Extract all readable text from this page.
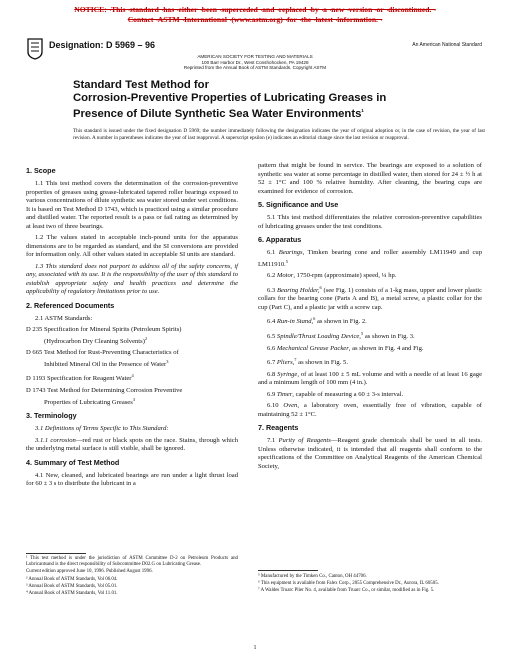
NOTICE:¬This¬standard¬has¬either¬been¬superceded¬and¬replaced¬by¬a¬new¬version¬or¬discontinued.¬
Contact¬ASTM¬International¬(www.astm.org)¬for¬the¬latest¬information.¬
Designation: D 5969 – 96	An American National Standard
AMERICAN SOCIETY FOR TESTING AND MATERIALS
100 Barr Harbor Dr., West Conshohocken, PA 19428
Reprinted from the Annual Book of ASTM Standards. Copyright ASTM
Standard Test Method for
Corrosion-Preventive Properties of Lubricating Greases in
Presence of Dilute Synthetic Sea Water Environments$^1$
This standard is issued under the fixed designation D 5969; the number immediately following the designation indicates the year of original adoption or, in the case of revision, the year of last revision. A number in parentheses indicates the year of last reapproval. A superscript epsilon (e) indicates an editorial change since the last revision or reapproval.
1. Scope

1.1 This test method covers the determination of the corrosion-preventive properties of greases using grease-lubricated tapered roller bearings exposed to various concentrations of dilute synthetic sea water stored under wet conditions. It is based on Test Method D 1743, which is practiced using a similar procedure and distilled water. The reported result is a pass or fail rating as determined by at least two of three bearings.

1.2 The values stated in acceptable inch-pound units for the apparatus dimensions are to be regarded as standard, and the SI conversions are provided for information only. All other values stated in acceptable SI units are standard.

1.3 This standard does not purport to address all of the safety concerns, if any, associated with its use. It is the responsibility of the user of this standard to establish appropriate safety and health practices and determine the applicability of regulatory limitations prior to use.

2. Referenced Documents

2.1 ASTM Standards:

D 235 Specification for Mineral Spirits (Petroleum Spirits)
(Hydrocarbon Dry Cleaning Solvents)$^2$

D 665 Test Method for Rust-Preventing Characteristics of
Inhibited Mineral Oil in the Presence of Water$^3$

D 1193 Specification for Reagent Water$^4$

D 1743 Test Method for Determining Corrosion Preventive
Properties of Lubricating Greases$^3$

3. Terminology

3.1 Definitions of Terms Specific to This Standard:

3.1.1 corrosion—red rust or black spots on the race. Stains, through which the underlying metal surface is still visible, shall be ignored.

4. Summary of Test Method

4.1 New, cleaned, and lubricated bearings are run under a light thrust load for 60 ± 3 s to distribute the lubricant in a

pattern that might be found in service. The bearings are exposed to a solution of synthetic sea water at some percentage in distilled water, then stored for 24 ± ½ h at 52 ± 1°C and 100 % relative humidity. After cleaning, the bearing cups are examined for evidence of corrosion.

5. Significance and Use

5.1 This test method differentiates the relative corrosion-preventive capabilities of lubricating greases under the test conditions.

6. Apparatus

6.1 Bearings, Timken bearing cone and roller assembly LM11949 and cup LM11910.$^5$

6.2 Motor, 1750-rpm (approximate) speed, ¼ hp.

6.3 Bearing Holder,$^6$ (see Fig. 1) consists of a 1-kg mass, upper and lower plastic collars for the bearing cone (Parts A and B), a metal screw, a plastic collar for the cup (Part C), and a plastic jar with a screw cap.

6.4 Run-in Stand,$^6$ as shown in Fig. 2.

6.5 Spindle/Thrust Loading Device,$^5$ as shown in Fig. 3.

6.6 Mechanical Grease Packer, as shown in Fig. 4 and Fig.

6.7 Pliers,$^7$ as shown in Fig. 5.

6.8 Syringe, of at least 100 ± 5 mL volume and with a needle of at least 16 gage and a minimum length of 100 mm (4 in.).

6.9 Timer, capable of measuring a 60 ± 3-s interval.

6.10 Oven, a laboratory oven, essentially free of vibration, capable of maintaining 52 ± 1°C.

7. Reagents

7.1 Purity of Reagents—Reagent grade chemicals shall be used in all tests. Unless otherwise indicated, it is intended that all reagents shall conform to the specifications of the Committee on Analytical Reagents of the American Chemical Society,

¹ This test method is under the jurisdiction of ASTM Committee D-2 on Petroleum Products and Lubricantsand is the direct responsibility of Subcommittee D02.G on Lubricating Grease.
Current edition approved June 10, 1996. Published August 1996.
² Annual Book of ASTM Standards, Vol 06.04.
³ Annual Book of ASTM Standards, Vol 05.01.
⁴ Annual Book of ASTM Standards, Vol 11.01.
⁵ Manufactured by the Timken Co., Canton, OH 44706.
⁶ This equipment is available from Falex Corp., 2055 Comprehensive Dr., Aurora, IL 60505.
⁷ A Waldes Truarc Plier No. 4, available from Truarc Co., or similar, modified as in Fig. 5.
1
